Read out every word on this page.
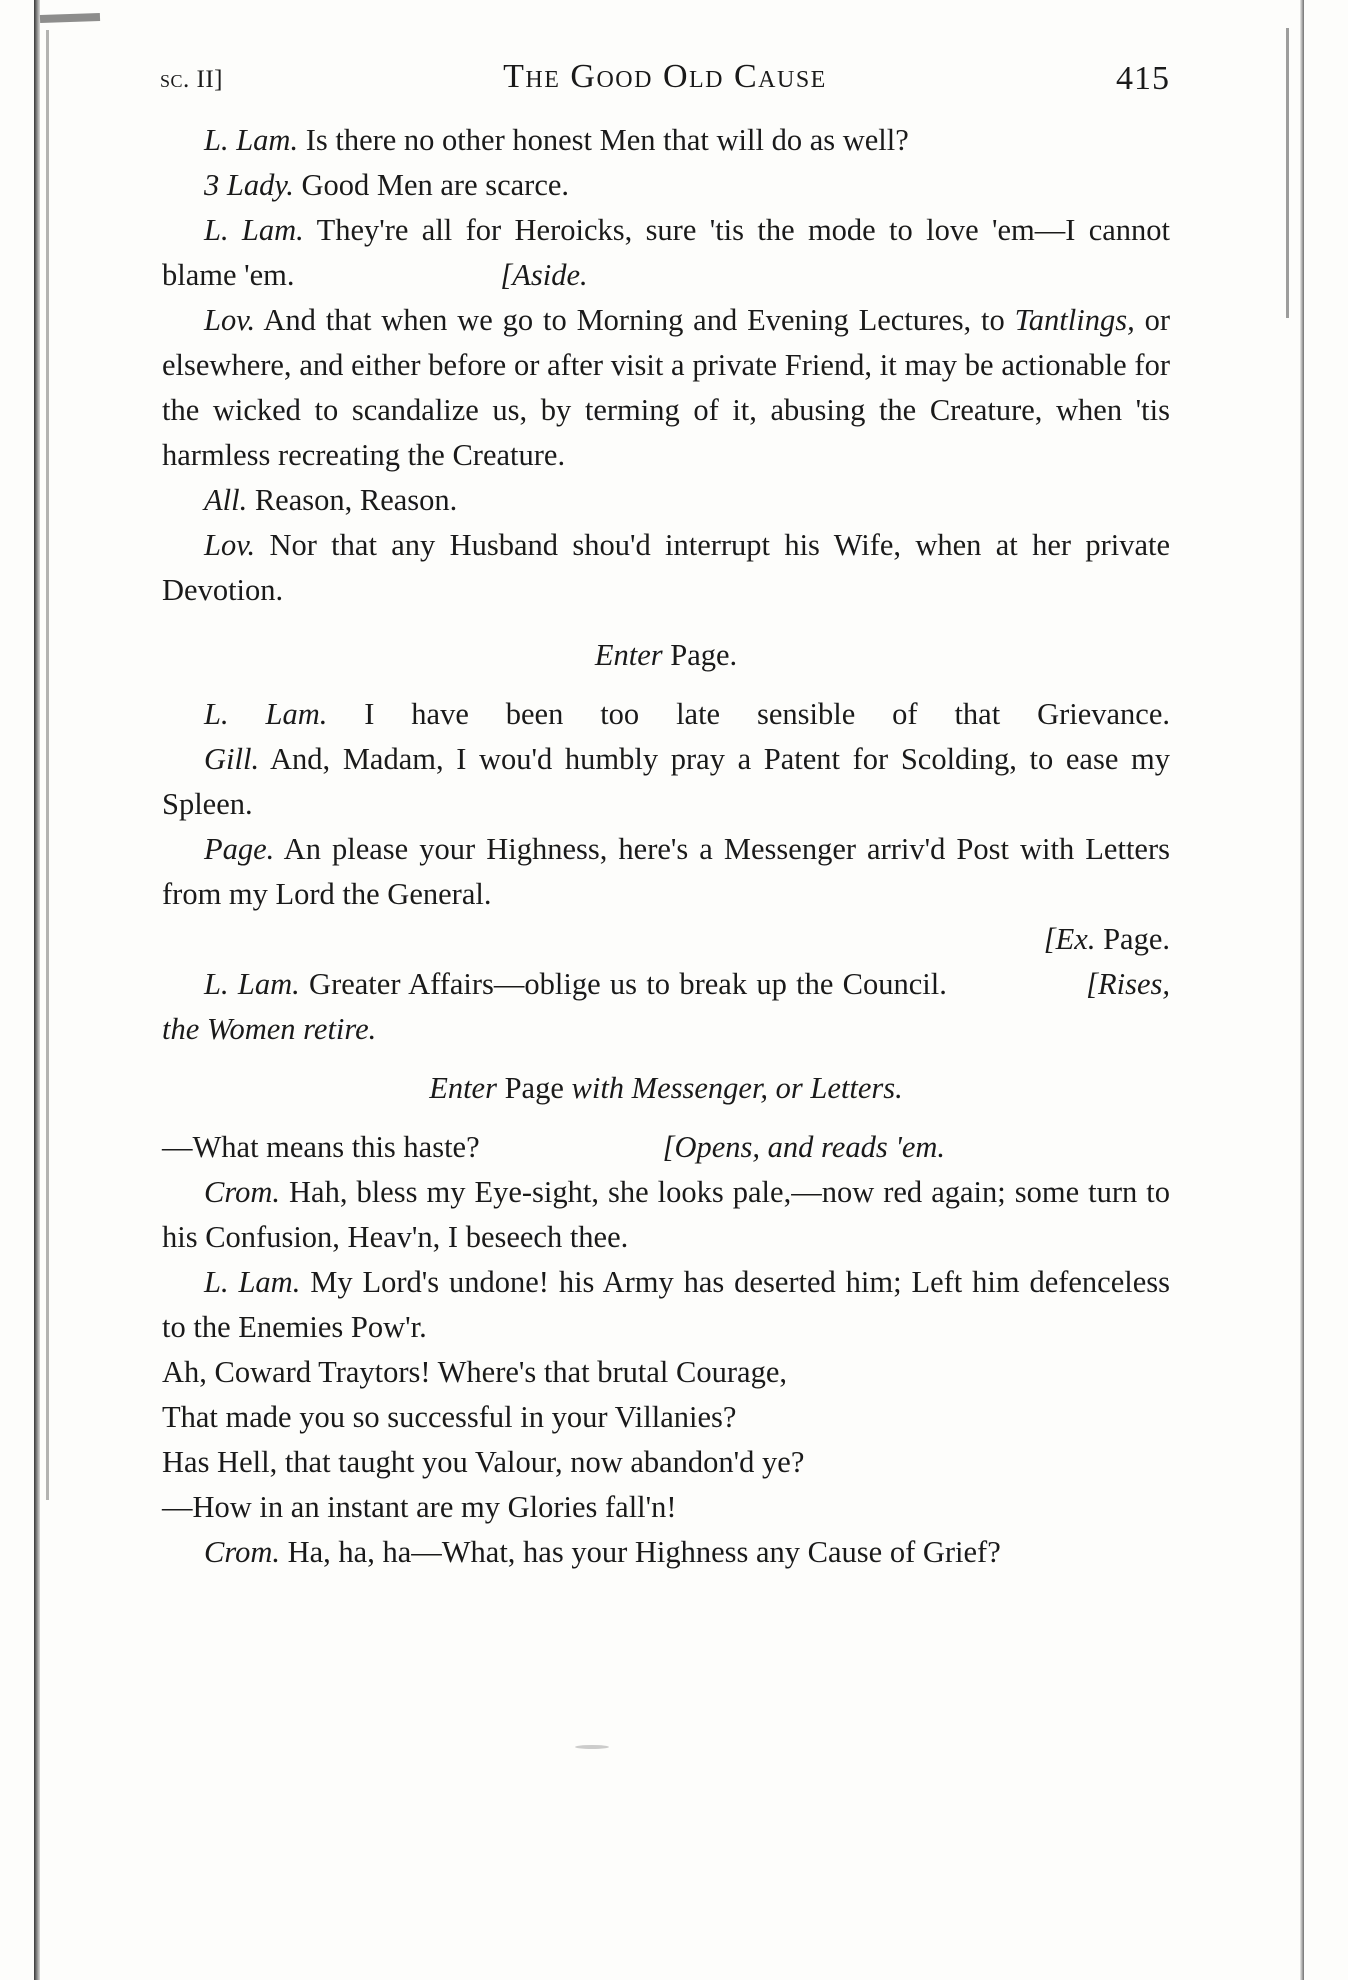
sc. II]	The Good Old Cause	415

L. Lam. Is there no other honest Men that will do as well?

3 Lady. Good Men are scarce.

L. Lam. They're all for Heroicks, sure 'tis the mode to love 'em—I cannot blame 'em.	[Aside.

Lov. And that when we go to Morning and Evening Lectures, to Tantlings, or elsewhere, and either before or after visit a private Friend, it may be actionable for the wicked to scandalize us, by terming of it, abusing the Creature, when 'tis harmless recreating the Creature.

All. Reason, Reason.

Lov. Nor that any Husband shou'd interrupt his Wife, when at her private Devotion.

Enter Page.

L. Lam. I have been too late sensible of that Grievance.

Gill. And, Madam, I wou'd humbly pray a Patent for Scolding, to ease my Spleen.

Page. An please your Highness, here's a Messenger arriv'd Post with Letters from my Lord the General.

[Ex. Page.

L. Lam. Greater Affairs—oblige us to break up the Council.	[Rises, the Women retire.

Enter Page with Messenger, or Letters.

—What means this haste?	[Opens, and reads 'em.

Crom. Hah, bless my Eye-sight, she looks pale,—now red again; some turn to his Confusion, Heav'n, I beseech thee.

L. Lam. My Lord's undone! his Army has deserted him; Left him defenceless to the Enemies Pow'r.

Ah, Coward Traytors! Where's that brutal Courage,

That made you so successful in your Villanies?

Has Hell, that taught you Valour, now abandon'd ye?

—How in an instant are my Glories fall'n!

Crom. Ha, ha, ha—What, has your Highness any Cause of Grief?
